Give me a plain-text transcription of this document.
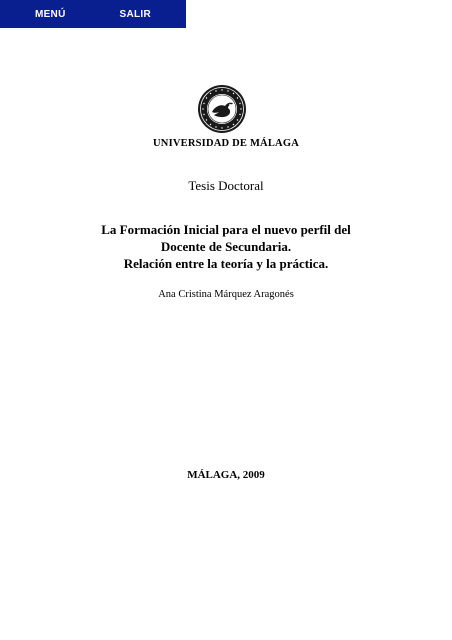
MENÚ	SALIR
UNIVERSIDAD DE MÁLAGA
Tesis Doctoral
La Formación Inicial para el nuevo perfil del
Docente de Secundaria.
Relación entre la teoría y la práctica.
Ana Cristina Márquez Aragonés
MÁLAGA, 2009
